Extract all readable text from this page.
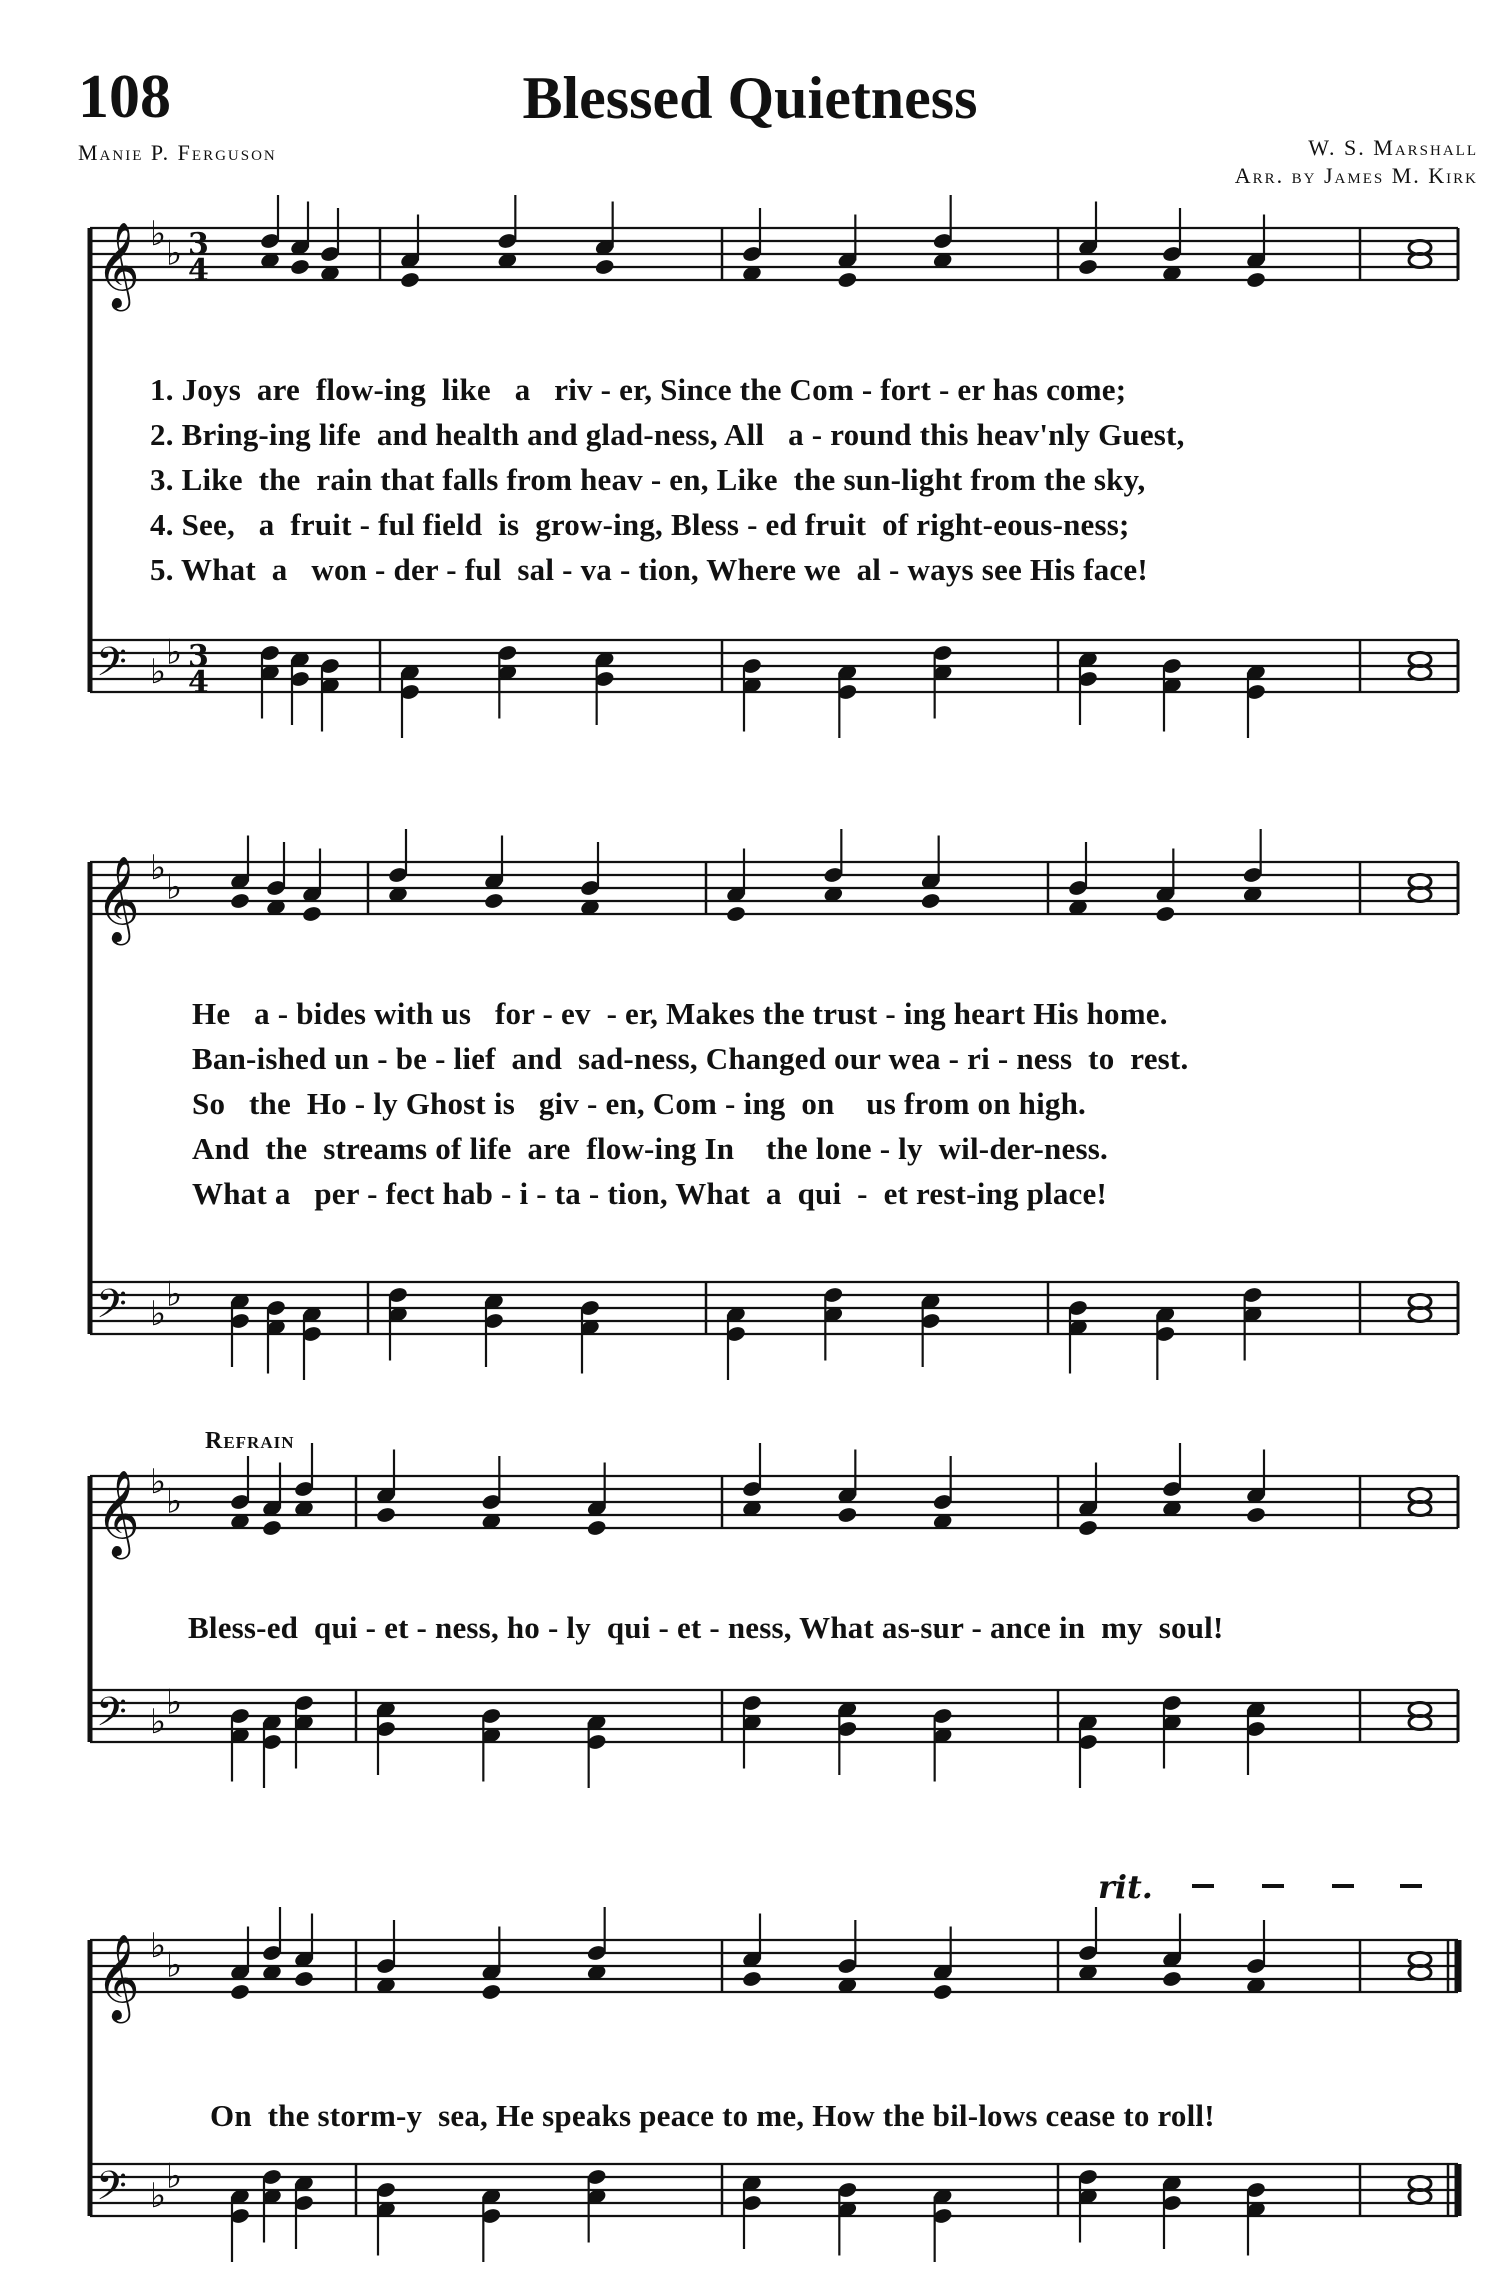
108	Blessed Quietness
Manie P. Ferguson	W. S. Marshall
Arr. by James M. Kirk
𝄞 ♭ ♭ 3
4
𝄢 ♭ ♭ 3
4
𝄞 ♭ ♭
𝄢 ♭ ♭
𝄞 ♭ ♭
𝄢 ♭ ♭
𝄞 ♭ ♭
𝄢 ♭ ♭
Refrain
rit.
1. Joys  are  flow-ing  like   a   riv - er, Since the Com - fort - er has come;
2. Bring-ing life  and health and glad-ness, All   a - round this heav'nly Guest,
3. Like  the  rain that falls from heav - en, Like  the sun-light from the sky,
4. See,   a  fruit - ful field  is  grow-ing, Bless - ed fruit  of right-eous-ness;
5. What  a   won - der - ful  sal - va - tion, Where we  al - ways see His face!
He   a - bides with us   for - ev  - er, Makes the trust - ing heart His home.
Ban-ished un - be - lief  and  sad-ness, Changed our wea - ri - ness  to  rest.
So   the  Ho - ly Ghost is   giv - en, Com - ing  on    us from on high.
And  the  streams of life  are  flow-ing In    the lone - ly  wil-der-ness.
What a   per - fect hab - i - ta - tion, What  a  qui  -  et rest-ing place!
Bless-ed  qui - et - ness, ho - ly  qui - et - ness, What as-sur - ance in  my  soul!
On  the storm-y  sea, He speaks peace to me, How the bil-lows cease to roll!
